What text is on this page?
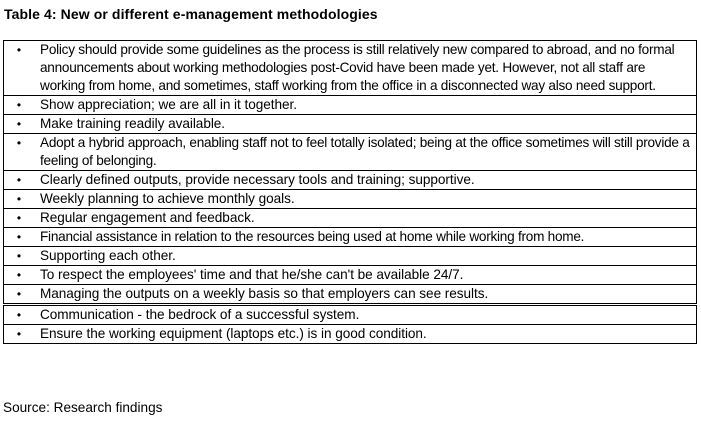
Table 4: New or different e-management methodologies
•	Policy should provide some guidelines as the process is still relatively new compared to abroad, and no formal announcements about working methodologies post-Covid have been made yet. However, not all staff are working from home, and sometimes, staff working from the office in a disconnected way also need support.
•	Show appreciation; we are all in it together.
•	Make training readily available.
•	Adopt a hybrid approach, enabling staff not to feel totally isolated; being at the office sometimes will still provide a feeling of belonging.
•	Clearly defined outputs, provide necessary tools and training; supportive.
•	Weekly planning to achieve monthly goals.
•	Regular engagement and feedback.
•	Financial assistance in relation to the resources being used at home while working from home.
•	Supporting each other.
•	To respect the employees' time and that he/she can't be available 24/7.
•	Managing the outputs on a weekly basis so that employers can see results.
•	Communication - the bedrock of a successful system.
•	Ensure the working equipment (laptops etc.) is in good condition.
Source: Research findings
